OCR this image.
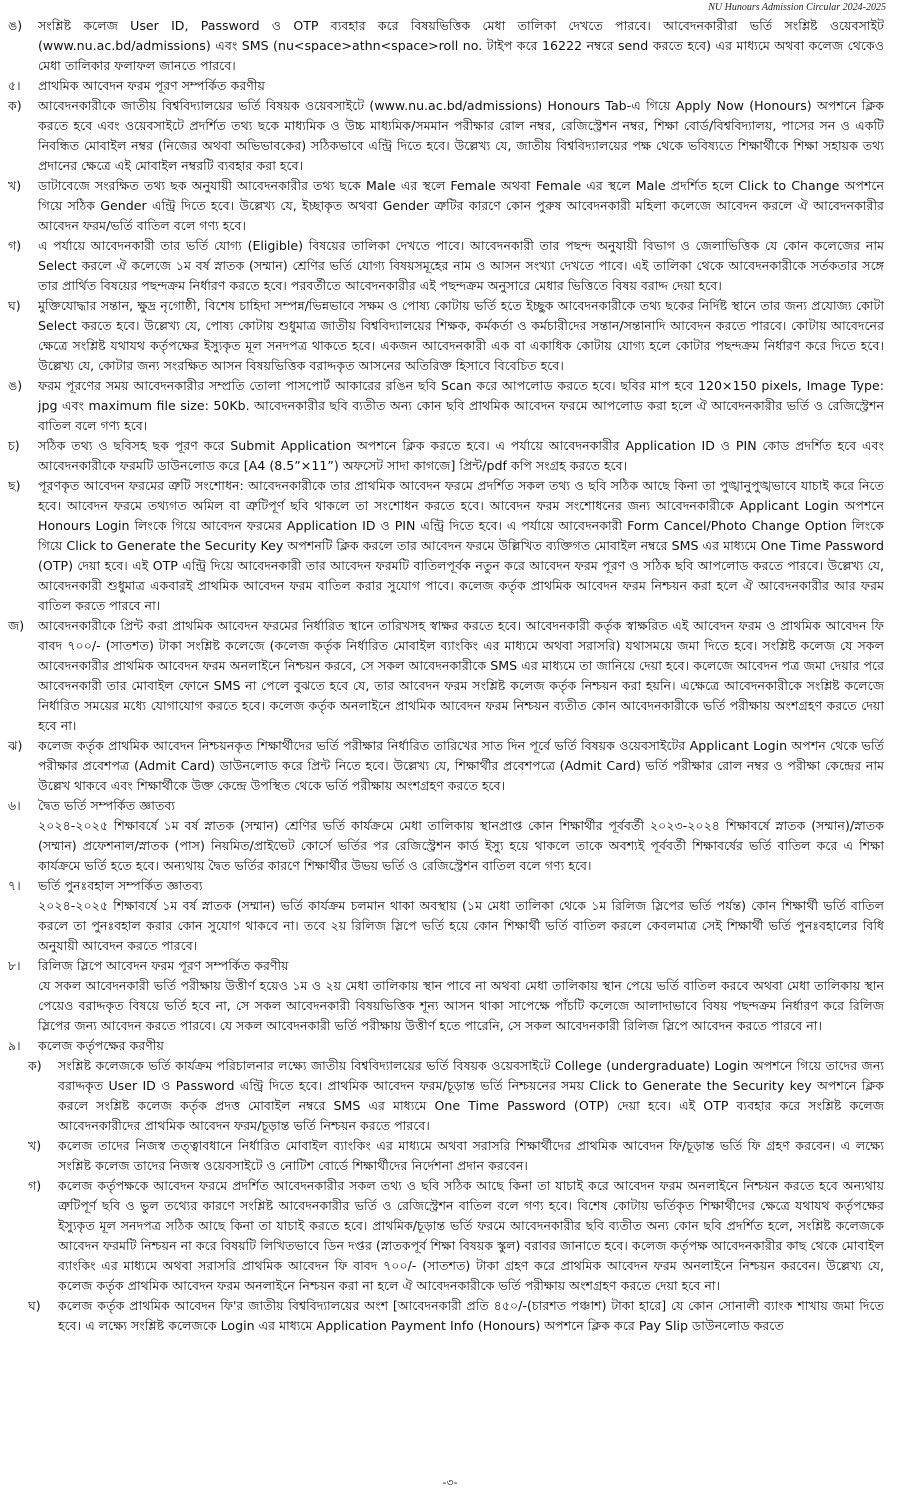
NU Hunours Admission Circular 2024-2025
ঙ)	সংশ্লিষ্ট কলেজ User ID, Password ও OTP ব্যবহার করে বিষয়ভিত্তিক মেধা তালিকা দেখতে পারবে। আবেদনকারীরা ভর্তি সংশ্লিষ্ট ওয়েবসাইট (www.nu.ac.bd/admissions) এবং SMS (nu<space>athn<space>roll no. টাইপ করে 16222 নম্বরে send করতে হবে) এর মাধ্যমে অথবা কলেজ থেকেও মেধা তালিকার ফলাফল জানতে পারবে।
৫।	প্রাথমিক আবেদন ফরম পূরণ সম্পর্কিত করণীয়
ক)	আবেদনকারীকে জাতীয় বিশ্ববিদ্যালয়ের ভর্তি বিষয়ক ওয়েবসাইটে (www.nu.ac.bd/admissions) Honours Tab-এ গিয়ে Apply Now (Honours) অপশনে ক্লিক করতে হবে এবং ওয়েবসাইটে প্রদর্শিত তথ্য ছকে মাধ্যমিক ও উচ্চ মাধ্যমিক/সমমান পরীক্ষার রোল নম্বর, রেজিস্ট্রেশন নম্বর, শিক্ষা বোর্ড/বিশ্ববিদ্যালয়, পাসের সন ও একটি নিবন্ধিত মোবাইল নম্বর (নিজের অথবা অভিভাবকের) সঠিকভাবে এন্ট্রি দিতে হবে। উল্লেখ্য যে, জাতীয় বিশ্ববিদ্যালয়ের পক্ষ থেকে ভবিষ্যতে শিক্ষার্থীকে শিক্ষা সহায়ক তথ্য প্রদানের ক্ষেত্রে এই মোবাইল নম্বরটি ব্যবহার করা হবে।
খ)	ডাটাবেজে সংরক্ষিত তথ্য ছক অনুযায়ী আবেদনকারীর তথ্য ছকে Male এর স্থলে Female অথবা Female এর স্থলে Male প্রদর্শিত হলে Click to Change অপশনে গিয়ে সঠিক Gender এন্ট্রি দিতে হবে। উল্লেখ্য যে, ইচ্ছাকৃত অথবা Gender ত্রুটির কারণে কোন পুরুষ আবেদনকারী মহিলা কলেজে আবেদন করলে ঐ আবেদনকারীর আবেদন ফরম/ভর্তি বাতিল বলে গণ্য হবে।
গ)	এ পর্যায়ে আবেদনকারী তার ভর্তি যোগ্য (Eligible) বিষয়ের তালিকা দেখতে পাবে। আবেদনকারী তার পছন্দ অনুযায়ী বিভাগ ও জেলাভিত্তিক যে কোন কলেজের নাম Select করলে ঐ কলেজে ১ম বর্ষ স্নাতক (সম্মান) শ্রেণির ভর্তি যোগ্য বিষয়সমূহের নাম ও আসন সংখ্যা দেখতে পাবে। এই তালিকা থেকে আবেদনকারীকে সর্তকতার সঙ্গে তার প্রার্থিত বিষয়ের পছন্দক্রম নির্ধারণ করতে হবে। পরবর্তীতে আবেদনকারীর এই পছন্দক্রম অনুসারে মেধার ভিত্তিতে বিষয় বরাদ্দ দেয়া হবে।
ঘ)	মুক্তিযোদ্ধার সন্তান, ক্ষুদ্র নৃগোষ্ঠী, বিশেষ চাহিদা সম্পন্ন/ভিন্নভাবে সক্ষম ও পোষ্য কোটায় ভর্তি হতে ইচ্ছুক আবেদনকারীকে তথ্য ছকের নির্দিষ্ট স্থানে তার জন্য প্রযোজ্য কোটা Select করতে হবে। উল্লেখ্য যে, পোষ্য কোটায় শুধুমাত্র জাতীয় বিশ্ববিদ্যালয়ের শিক্ষক, কর্মকর্তা ও কর্মচারীদের সন্তান/সন্তানাদি আবেদন করতে পারবে। কোটায় আবেদনের ক্ষেত্রে সংশ্লিষ্ট যথাযথ কর্তৃপক্ষের ইস্যুকৃত মূল সনদপত্র থাকতে হবে। একজন আবেদনকারী এক বা একাধিক কোটায় যোগ্য হলে কোটার পছন্দক্রম নির্ধারণ করে দিতে হবে। উল্লেখ্য যে, কোটার জন্য সংরক্ষিত আসন বিষয়ভিত্তিক বরাদ্দকৃত আসনের অতিরিক্ত হিসাবে বিবেচিত হবে।
ঙ)	ফরম পূরণের সময় আবেদনকারীর সম্প্রতি তোলা পাসপোর্ট আকারের রঙিন ছবি Scan করে আপলোড করতে হবে। ছবির মাপ হবে 120×150 pixels, Image Type: jpg এবং maximum file size: 50Kb. আবেদনকারীর ছবি ব্যতীত অন্য কোন ছবি প্রাথমিক আবেদন ফরমে আপলোড করা হলে ঐ আবেদনকারীর ভর্তি ও রেজিস্ট্রেশন বাতিল বলে গণ্য হবে।
চ)	সঠিক তথ্য ও ছবিসহ ছক পূরণ করে Submit Application অপশনে ক্লিক করতে হবে। এ পর্যায়ে আবেদনকারীর Application ID ও PIN কোড প্রদর্শিত হবে এবং আবেদনকারীকে ফরমটি ডাউনলোড করে [A4 (8.5”×11”) অফসেট সাদা কাগজে] প্রিন্ট/pdf কপি সংগ্রহ করতে হবে।
ছ)	পূরণকৃত আবেদন ফরমের ত্রুটি সংশোধন: আবেদনকারীকে তার প্রাথমিক আবেদন ফরমে প্রদর্শিত সকল তথ্য ও ছবি সঠিক আছে কিনা তা পুঙ্খানুপুঙ্খভাবে যাচাই করে নিতে হবে। আবেদন ফরমে তথ্যগত অমিল বা ত্রুটিপূর্ণ ছবি থাকলে তা সংশোধন করতে হবে। আবেদন ফরম সংশোধনের জন্য আবেদনকারীকে Applicant Login অপশনে Honours Login লিংকে গিয়ে আবেদন ফরমের Application ID ও PIN এন্ট্রি দিতে হবে। এ পর্যায়ে আবেদনকারী Form Cancel/Photo Change Option লিংকে গিয়ে Click to Generate the Security Key অপশনটি ক্লিক করলে তার আবেদন ফরমে উল্লিখিত ব্যক্তিগত মোবাইল নম্বরে SMS এর মাধ্যমে One Time Password (OTP) দেয়া হবে। এই OTP এন্ট্রি দিয়ে আবেদনকারী তার আবেদন ফরমটি বাতিলপূর্বক নতুন করে আবেদন ফরম পূরণ ও সঠিক ছবি আপলোড করতে পারবে। উল্লেখ্য যে, আবেদনকারী শুধুমাত্র একবারই প্রাথমিক আবেদন ফরম বাতিল করার সুযোগ পাবে। কলেজ কর্তৃক প্রাথমিক আবেদন ফরম নিশ্চয়ন করা হলে ঐ আবেদনকারীর আর ফরম বাতিল করতে পারবে না।
জ)	আবেদনকারীকে প্রিন্ট করা প্রাথমিক আবেদন ফরমের নির্ধারিত স্থানে তারিখসহ স্বাক্ষর করতে হবে। আবেদনকারী কর্তৃক স্বাক্ষরিত এই আবেদন ফরম ও প্রাথমিক আবেদন ফি বাবদ ৭০০/- (সাতশত) টাকা সংশ্লিষ্ট কলেজে (কলেজ কর্তৃক নির্ধারিত মোবাইল ব্যাংকিং এর মাধ্যমে অথবা সরাসরি) যথাসময়ে জমা দিতে হবে। সংশ্লিষ্ট কলেজ যে সকল আবেদনকারীর প্রাথমিক আবেদন ফরম অনলাইনে নিশ্চয়ন করবে, সে সকল আবেদনকারীকে SMS এর মাধ্যমে তা জানিয়ে দেয়া হবে। কলেজে আবেদন পত্র জমা দেয়ার পরে আবেদনকারী তার মোবাইল ফোনে SMS না পেলে বুঝতে হবে যে, তার আবেদন ফরম সংশ্লিষ্ট কলেজ কর্তৃক নিশ্চয়ন করা হয়নি। এক্ষেত্রে আবেদনকারীকে সংশ্লিষ্ট কলেজে নির্ধারিত সময়ের মধ্যে যোগাযোগ করতে হবে। কলেজ কর্তৃক অনলাইনে প্রাথমিক আবেদন ফরম নিশ্চয়ন ব্যতীত কোন আবেদনকারীকে ভর্তি পরীক্ষায় অংশগ্রহণ করতে দেয়া হবে না।
ঝ)	কলেজ কর্তৃক প্রাথমিক আবেদন নিশ্চয়নকৃত শিক্ষার্থীদের ভর্তি পরীক্ষার নির্ধারিত তারিখের সাত দিন পূর্বে ভর্তি বিষয়ক ওয়েবসাইটের Applicant Login অপশন থেকে ভর্তি পরীক্ষার প্রবেশপত্র (Admit Card) ডাউনলোড করে প্রিন্ট নিতে হবে। উল্লেখ্য যে, শিক্ষার্থীর প্রবেশপত্রে (Admit Card) ভর্তি পরীক্ষার রোল নম্বর ও পরীক্ষা কেন্দ্রের নাম উল্লেখ থাকবে এবং শিক্ষার্থীকে উক্ত কেন্দ্রে উপস্থিত থেকে ভর্তি পরীক্ষায় অংশগ্রহণ করতে হবে।
৬।	দ্বৈত ভর্তি সম্পর্কিত জ্ঞাতব্য
২০২৪-২০২৫ শিক্ষাবর্ষে ১ম বর্ষ স্নাতক (সম্মান) শ্রেণির ভর্তি কার্যক্রমে মেধা তালিকায় স্থানপ্রাপ্ত কোন শিক্ষার্থীর পূর্ববর্তী ২০২৩-২০২৪ শিক্ষাবর্ষে স্নাতক (সম্মান)/স্নাতক (সম্মান) প্রফেশনাল/স্নাতক (পাস) নিয়মিত/প্রাইভেট কোর্সে ভর্তির পর রেজিস্ট্রেশন কার্ড ইস্যু হয়ে থাকলে তাকে অবশ্যই পূর্ববর্তী শিক্ষাবর্ষের ভর্তি বাতিল করে এ শিক্ষা কার্যক্রমে ভর্তি হতে হবে। অন্যথায় দ্বৈত ভর্তির কারণে শিক্ষার্থীর উভয় ভর্তি ও রেজিস্ট্রেশন বাতিল বলে গণ্য হবে।
৭।	ভর্তি পুনঃবহাল সম্পর্কিত জ্ঞাতব্য
২০২৪-২০২৫ শিক্ষাবর্ষে ১ম বর্ষ স্নাতক (সম্মান) ভর্তি কার্যক্রম চলমান থাকা অবস্থায় (১ম মেধা তালিকা থেকে ১ম রিলিজ স্লিপের ভর্তি পর্যন্ত) কোন শিক্ষার্থী ভর্তি বাতিল করলে তা পুনঃবহাল করার কোন সুযোগ থাকবে না। তবে ২য় রিলিজ স্লিপে ভর্তি হয়ে কোন শিক্ষার্থী ভর্তি বাতিল করলে কেবলমাত্র সেই শিক্ষার্থী ভর্তি পুনঃবহালের বিধি অনুযায়ী আবেদন করতে পারবে।
৮।	রিলিজ স্লিপে আবেদন ফরম পূরণ সম্পর্কিত করণীয়
যে সকল আবেদনকারী ভর্তি পরীক্ষায় উত্তীর্ণ হয়েও ১ম ও ২য় মেধা তালিকায় স্থান পাবে না অথবা মেধা তালিকায় স্থান পেয়ে ভর্তি বাতিল করবে অথবা মেধা তালিকায় স্থান পেয়েও বরাদ্দকৃত বিষয়ে ভর্তি হবে না, সে সকল আবেদনকারী বিষয়ভিত্তিক শূন্য আসন থাকা সাপেক্ষে পাঁচটি কলেজে আলাদাভাবে বিষয় পছন্দক্রম নির্ধারণ করে রিলিজ স্লিপের জন্য আবেদন করতে পারবে। যে সকল আবেদনকারী ভর্তি পরীক্ষায় উত্তীর্ণ হতে পারেনি, সে সকল আবেদনকারী রিলিজ স্লিপে আবেদন করতে পারবে না।
৯।	কলেজ কর্তৃপক্ষের করণীয়
ক)	সংশ্লিষ্ট কলেজকে ভর্তি কার্যক্রম পরিচালনার লক্ষ্যে জাতীয় বিশ্ববিদ্যালয়ের ভর্তি বিষয়ক ওয়েবসাইটে College (undergraduate) Login অপশনে গিয়ে তাদের জন্য বরাদ্দকৃত User ID ও Password এন্ট্রি দিতে হবে। প্রাথমিক আবেদন ফরম/চূড়ান্ত ভর্তি নিশ্চয়নের সময় Click to Generate the Security key অপশনে ক্লিক করলে সংশ্লিষ্ট কলেজ কর্তৃক প্রদত্ত মোবাইল নম্বরে SMS এর মাধ্যমে One Time Password (OTP) দেয়া হবে। এই OTP ব্যবহার করে সংশ্লিষ্ট কলেজ আবেদনকারীদের প্রাথমিক আবেদন ফরম/চূড়ান্ত ভর্তি নিশ্চয়ন করতে পারবে।
খ)	কলেজ তাদের নিজস্ব তত্ত্বাবধানে নির্ধারিত মোবাইল ব্যাংকিং এর মাধ্যমে অথবা সরাসরি শিক্ষার্থীদের প্রাথমিক আবেদন ফি/চূড়ান্ত ভর্তি ফি গ্রহণ করবেন। এ লক্ষ্যে সংশ্লিষ্ট কলেজ তাদের নিজস্ব ওয়েবসাইটে ও নোটিশ বোর্ডে শিক্ষার্থীদের নির্দেশনা প্রদান করবেন।
গ)	কলেজ কর্তৃপক্ষকে আবেদন ফরমে প্রদর্শিত আবেদনকারীর সকল তথ্য ও ছবি সঠিক আছে কিনা তা যাচাই করে আবেদন ফরম অনলাইনে নিশ্চয়ন করতে হবে অন্যথায় ত্রুটিপূর্ণ ছবি ও ভুল তথ্যের কারণে সংশ্লিষ্ট আবেদনকারীর ভর্তি ও রেজিস্ট্রেশন বাতিল বলে গণ্য হবে। বিশেষ কোটায় ভর্তিকৃত শিক্ষার্থীদের ক্ষেত্রে যথাযথ কর্তৃপক্ষের ইস্যুকৃত মূল সনদপত্র সঠিক আছে কিনা তা যাচাই করতে হবে। প্রাথমিক/চূড়ান্ত ভর্তি ফরমে আবেদনকারীর ছবি ব্যতীত অন্য কোন ছবি প্রদর্শিত হলে, সংশ্লিষ্ট কলেজকে আবেদন ফরমটি নিশ্চয়ন না করে বিষয়টি লিখিতভাবে ডিন দপ্তর (স্নাতকপূর্ব শিক্ষা বিষয়ক স্কুল) বরাবর জানাতে হবে। কলেজ কর্তৃপক্ষ আবেদনকারীর কাছ থেকে মোবাইল ব্যাংকিং এর মাধ্যমে অথবা সরাসরি প্রাথমিক আবেদন ফি বাবদ ৭০০/- (সাতশত) টাকা গ্রহণ করে প্রাথমিক আবেদন ফরম অনলাইনে নিশ্চয়ন করবেন। উল্লেখ্য যে, কলেজ কর্তৃক প্রাথমিক আবেদন ফরম অনলাইনে নিশ্চয়ন করা না হলে ঐ আবেদনকারীকে ভর্তি পরীক্ষায় অংশগ্রহণ করতে দেয়া হবে না।
ঘ)	কলেজ কর্তৃক প্রাথমিক আবেদন ফি'র জাতীয় বিশ্ববিদ্যালয়ের অংশ [আবেদনকারী প্রতি ৪৫০/-(চারশত পঞ্চাশ) টাকা হারে] যে কোন সোনালী ব্যাংক শাখায় জমা দিতে হবে। এ লক্ষ্যে সংশ্লিষ্ট কলেজকে Login এর মাধ্যমে Application Payment Info (Honours) অপশনে ক্লিক করে Pay Slip ডাউনলোড করতে
-৩-
